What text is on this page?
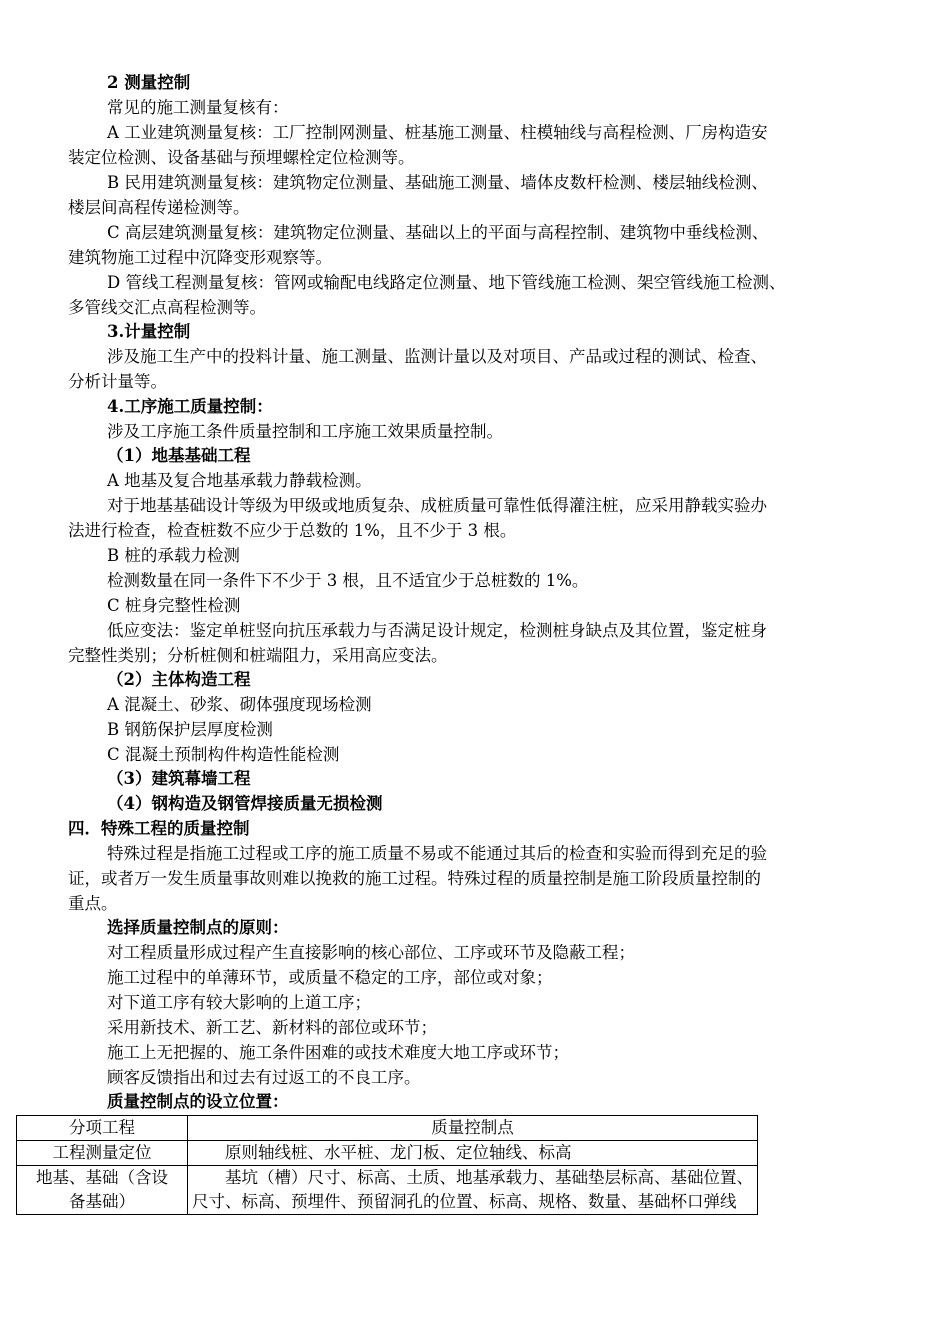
2 测量控制
常见的施工测量复核有：
A 工业建筑测量复核：工厂控制网测量、桩基施工测量、柱模轴线与高程检测、厂房构造安
装定位检测、设备基础与预埋螺栓定位检测等。
B 民用建筑测量复核：建筑物定位测量、基础施工测量、墙体皮数杆检测、楼层轴线检测、
楼层间高程传递检测等。
C 高层建筑测量复核：建筑物定位测量、基础以上的平面与高程控制、建筑物中垂线检测、
建筑物施工过程中沉降变形观察等。
D 管线工程测量复核：管网或输配电线路定位测量、地下管线施工检测、架空管线施工检测、
多管线交汇点高程检测等。
3.计量控制
涉及施工生产中的投料计量、施工测量、监测计量以及对项目、产品或过程的测试、检查、
分析计量等。
4.工序施工质量控制：
涉及工序施工条件质量控制和工序施工效果质量控制。
（1）地基基础工程
A 地基及复合地基承载力静载检测。
对于地基基础设计等级为甲级或地质复杂、成桩质量可靠性低得灌注桩，应采用静载实验办
法进行检查，检查桩数不应少于总数的 1%，且不少于 3 根。
B 桩的承载力检测
检测数量在同一条件下不少于 3 根，且不适宜少于总桩数的 1%。
C 桩身完整性检测
低应变法：鉴定单桩竖向抗压承载力与否满足设计规定，检测桩身缺点及其位置，鉴定桩身
完整性类别；分析桩侧和桩端阻力，采用高应变法。
（2）主体构造工程
A 混凝土、砂浆、砌体强度现场检测
B 钢筋保护层厚度检测
C 混凝土预制构件构造性能检测
（3）建筑幕墙工程
（4）钢构造及钢管焊接质量无损检测
四．特殊工程的质量控制
特殊过程是指施工过程或工序的施工质量不易或不能通过其后的检查和实验而得到充足的验
证，或者万一发生质量事故则难以挽救的施工过程。特殊过程的质量控制是施工阶段质量控制的
重点。
选择质量控制点的原则：
对工程质量形成过程产生直接影响的核心部位、工序或环节及隐蔽工程；
施工过程中的单薄环节，或质量不稳定的工序，部位或对象；
对下道工序有较大影响的上道工序；
采用新技术、新工艺、新材料的部位或环节；
施工上无把握的、施工条件困难的或技术难度大地工序或环节；
顾客反馈指出和过去有过返工的不良工序。
质量控制点的设立位置：
分项工程	质量控制点
工程测量定位	原则轴线桩、水平桩、龙门板、定位轴线、标高
地基、基础（含设备基础）	基坑（槽）尺寸、标高、土质、地基承载力、基础垫层标高、基础位置、尺寸、标高、预埋件、预留洞孔的位置、标高、规格、数量、基础杯口弹线
